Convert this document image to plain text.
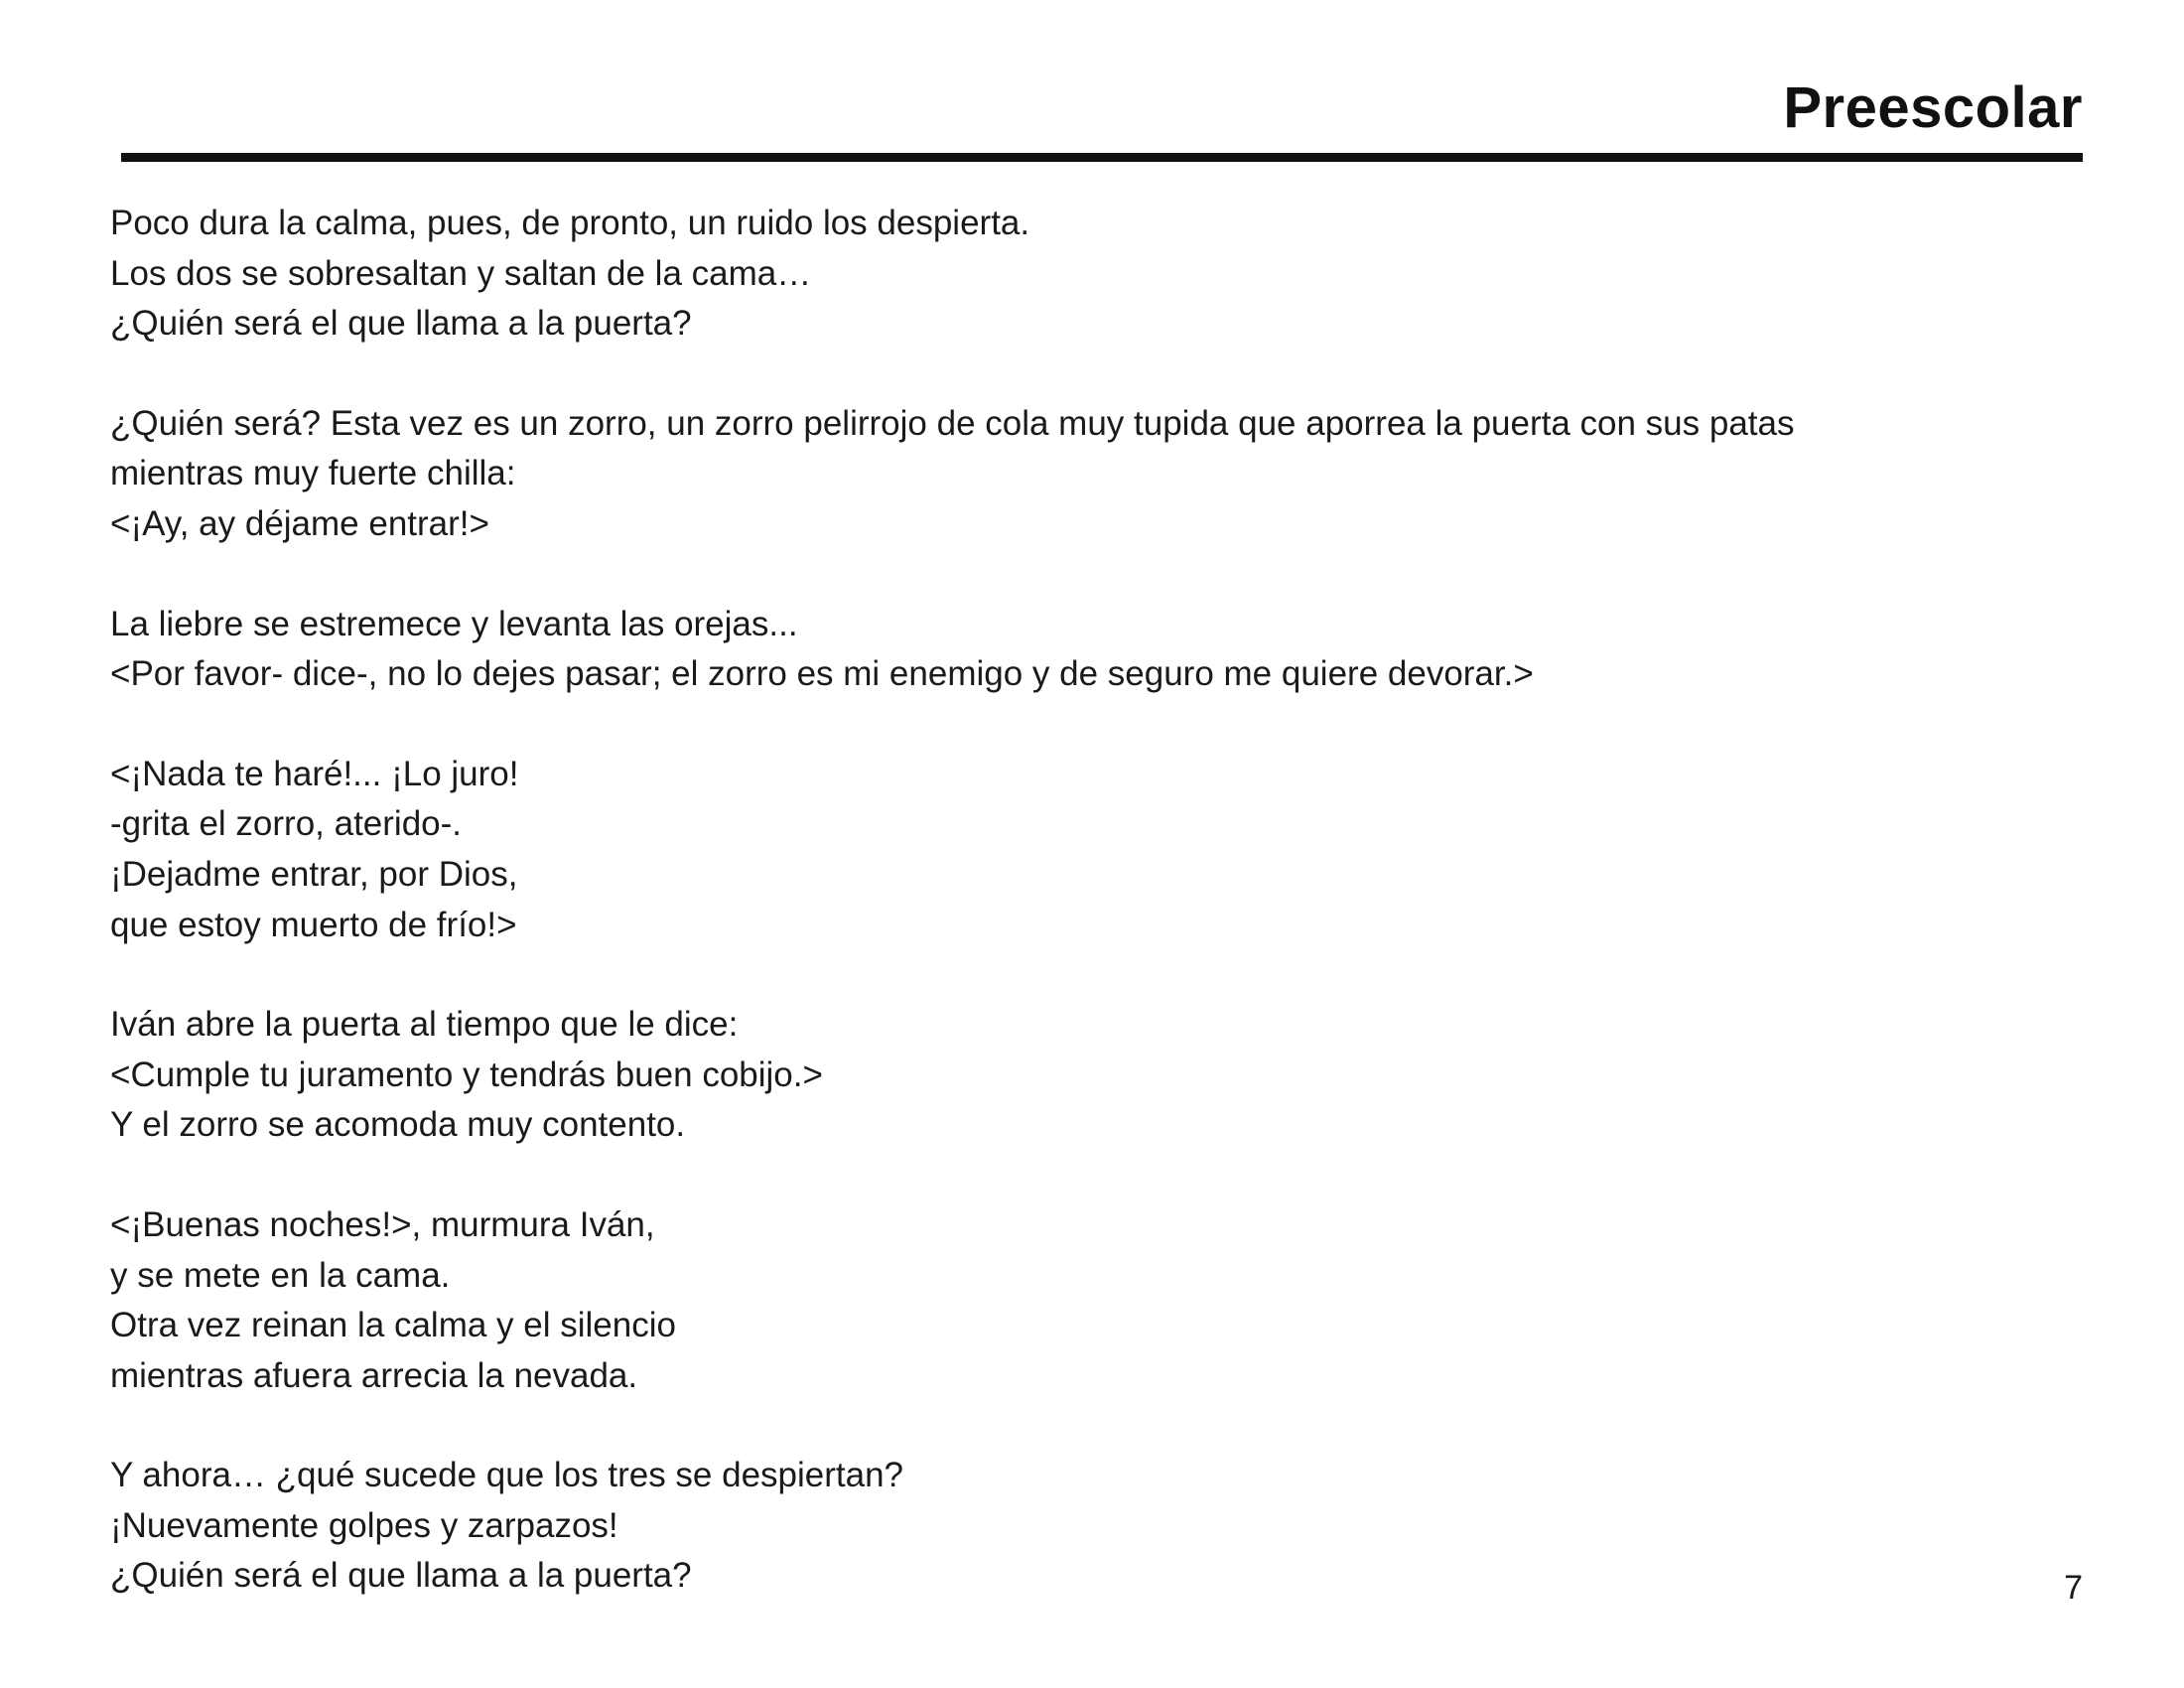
Preescolar
Poco dura la calma, pues, de pronto, un ruido los despierta.
Los dos se sobresaltan y saltan de la cama…
¿Quién será el que llama a la puerta?
¿Quién será? Esta vez es un zorro, un zorro pelirrojo de cola muy tupida que aporrea la puerta con sus patas
mientras muy fuerte chilla:
<¡Ay, ay déjame entrar!>
La liebre se estremece y levanta las orejas...
<Por favor- dice-, no lo dejes pasar; el zorro es mi enemigo y de seguro me quiere devorar.>
<¡Nada te haré!... ¡Lo juro!
-grita el zorro, aterido-.
¡Dejadme entrar, por Dios,
que estoy muerto de frío!>
Iván abre la puerta al tiempo que le dice:
<Cumple tu juramento y tendrás buen cobijo.>
Y el zorro se acomoda muy contento.
<¡Buenas noches!>, murmura Iván,
y se mete en la cama.
Otra vez reinan la calma y el silencio
mientras afuera arrecia la nevada.
Y ahora… ¿qué sucede que los tres se despiertan?
¡Nuevamente golpes y zarpazos!
¿Quién será el que llama a la puerta?	7
